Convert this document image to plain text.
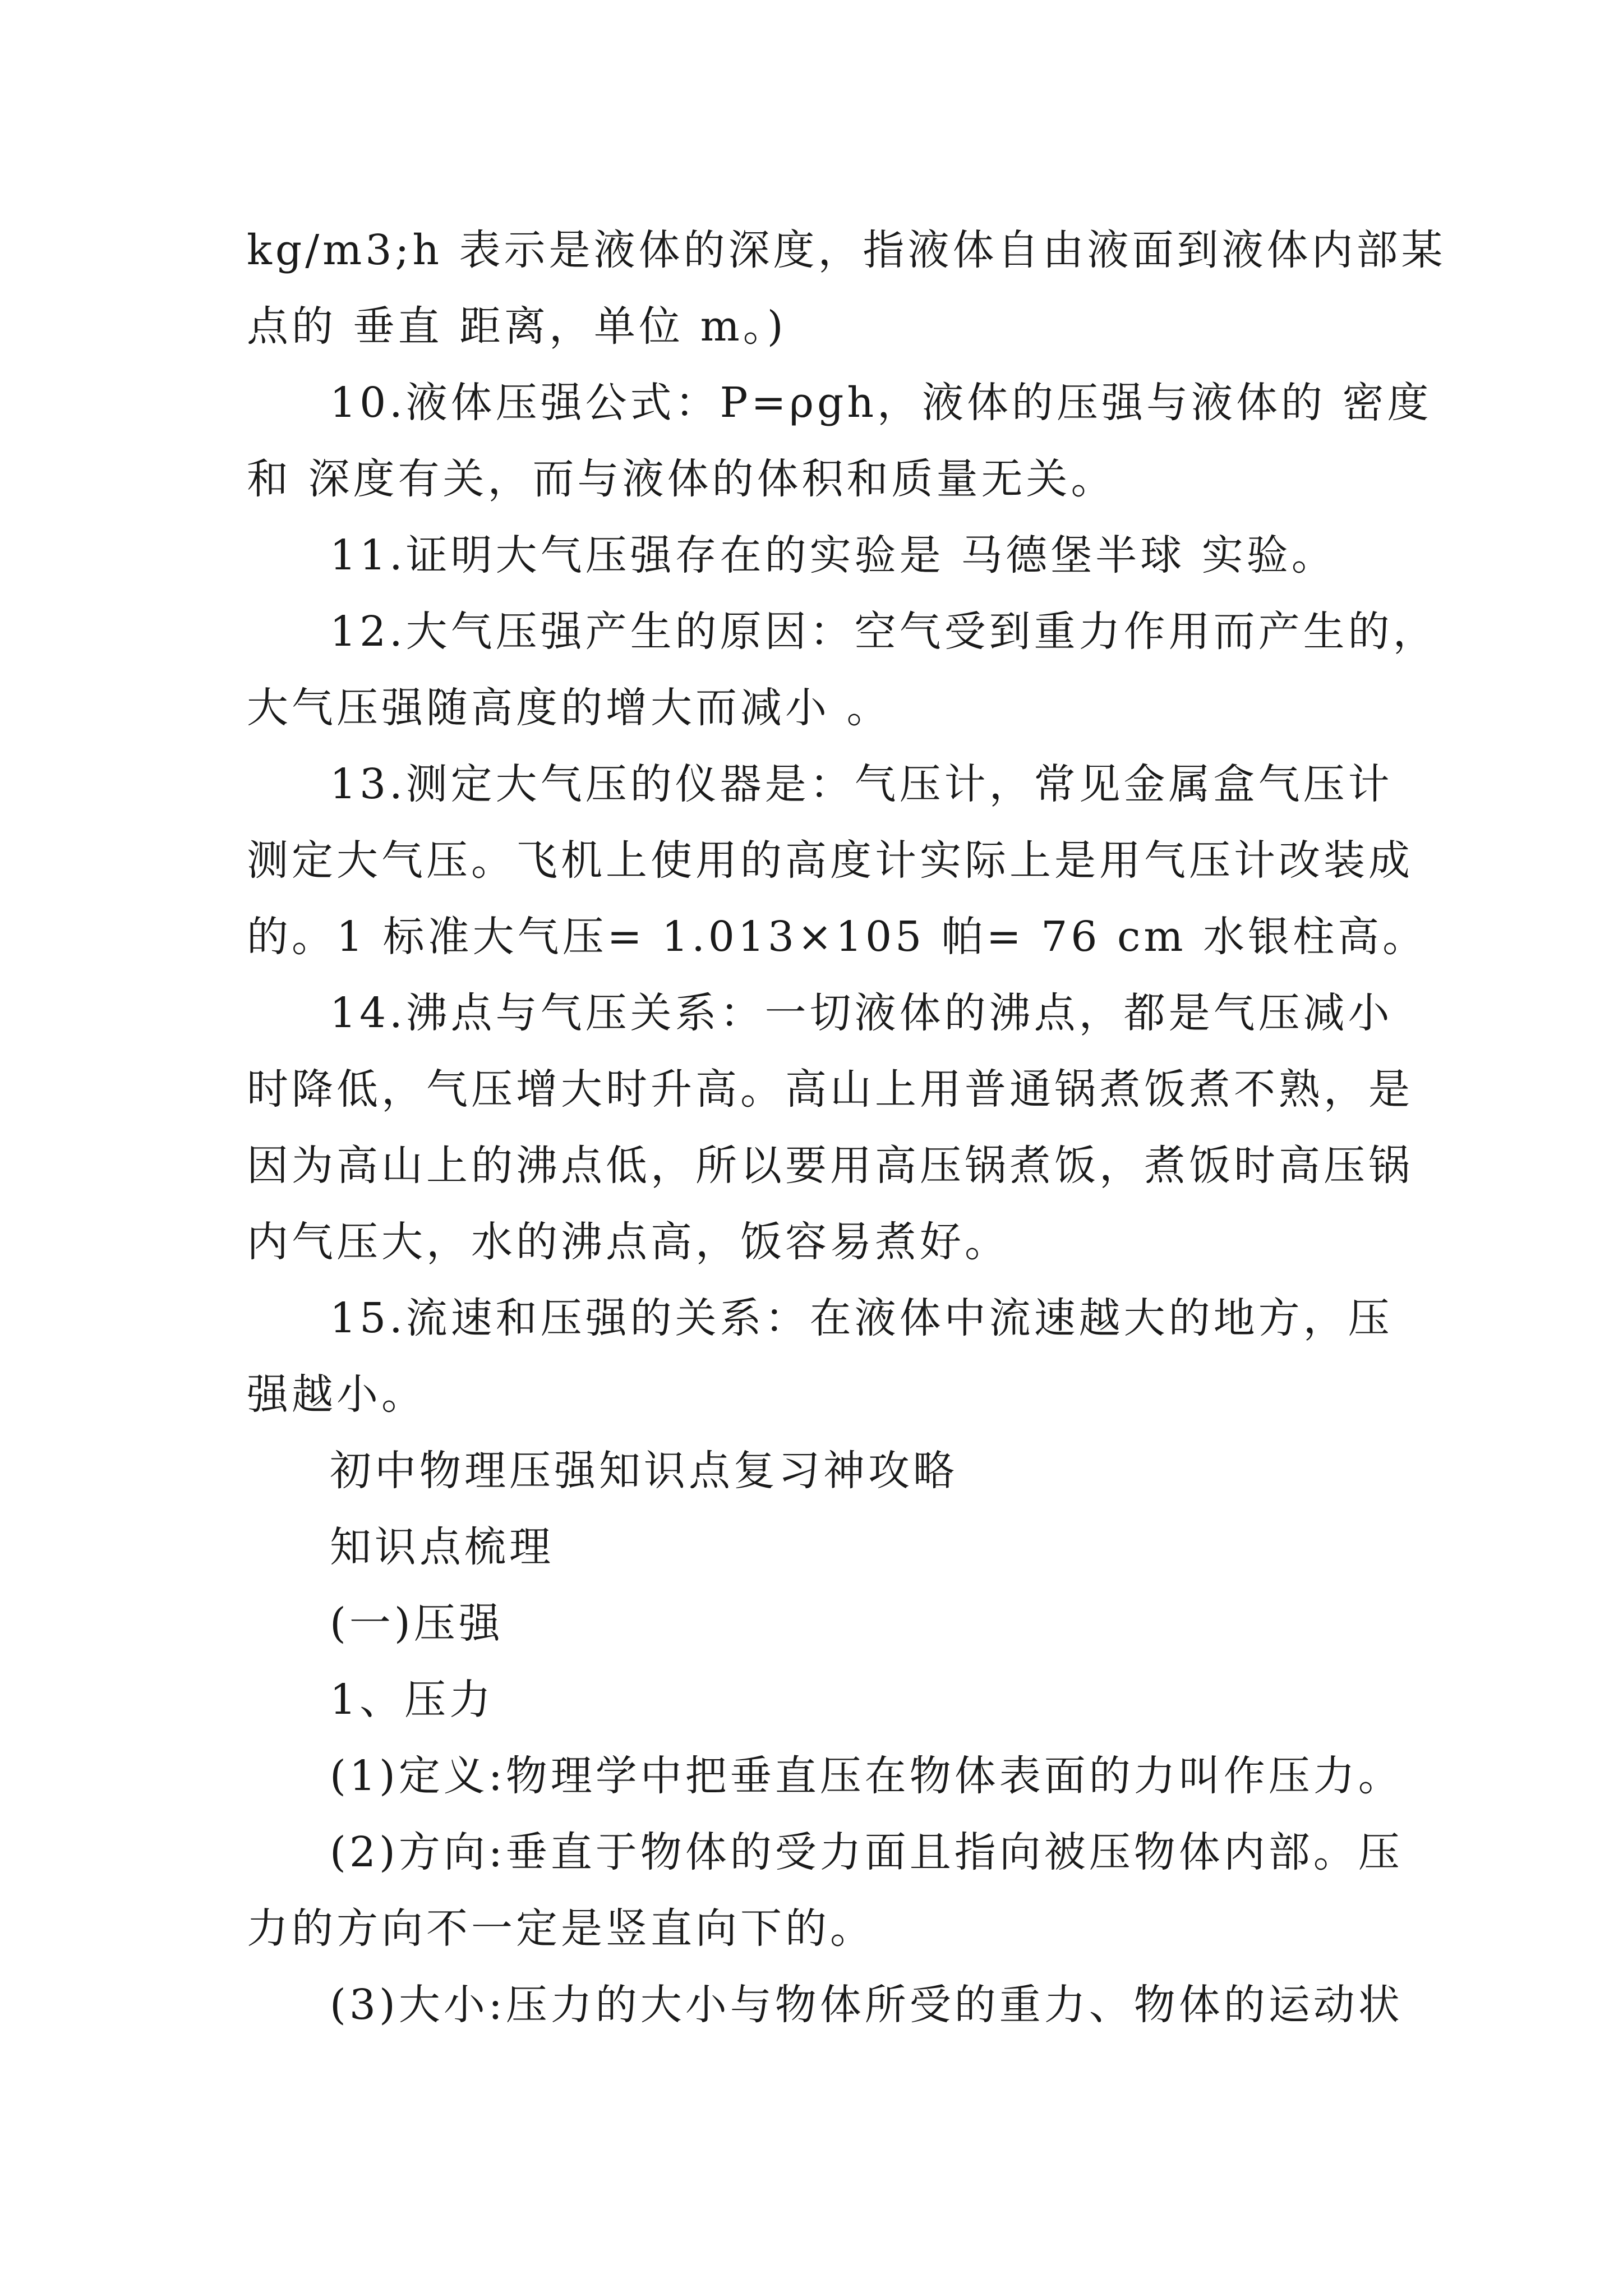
kg/m3;h 表示是液体的深度，指液体自由液面到液体内部某
点的 垂直 距离，单位 m。)
10.液体压强公式：P=ρgh，液体的压强与液体的 密度
和 深度有关，而与液体的体积和质量无关。
11.证明大气压强存在的实验是 马德堡半球 实验。
12.大气压强产生的原因：空气受到重力作用而产生的，
大气压强随高度的增大而减小 。
13.测定大气压的仪器是：气压计，常见金属盒气压计
测定大气压。飞机上使用的高度计实际上是用气压计改装成
的。1 标准大气压= 1.013×105 帕= 76 cm 水银柱高。
14.沸点与气压关系：一切液体的沸点，都是气压减小
时降低，气压增大时升高。高山上用普通锅煮饭煮不熟，是
因为高山上的沸点低，所以要用高压锅煮饭，煮饭时高压锅
内气压大，水的沸点高，饭容易煮好。
15.流速和压强的关系：在液体中流速越大的地方，压
强越小。
初中物理压强知识点复习神攻略
知识点梳理
(一)压强
1、压力
(1)定义:物理学中把垂直压在物体表面的力叫作压力。
(2)方向:垂直于物体的受力面且指向被压物体内部。压
力的方向不一定是竖直向下的。
(3)大小:压力的大小与物体所受的重力、物体的运动状
